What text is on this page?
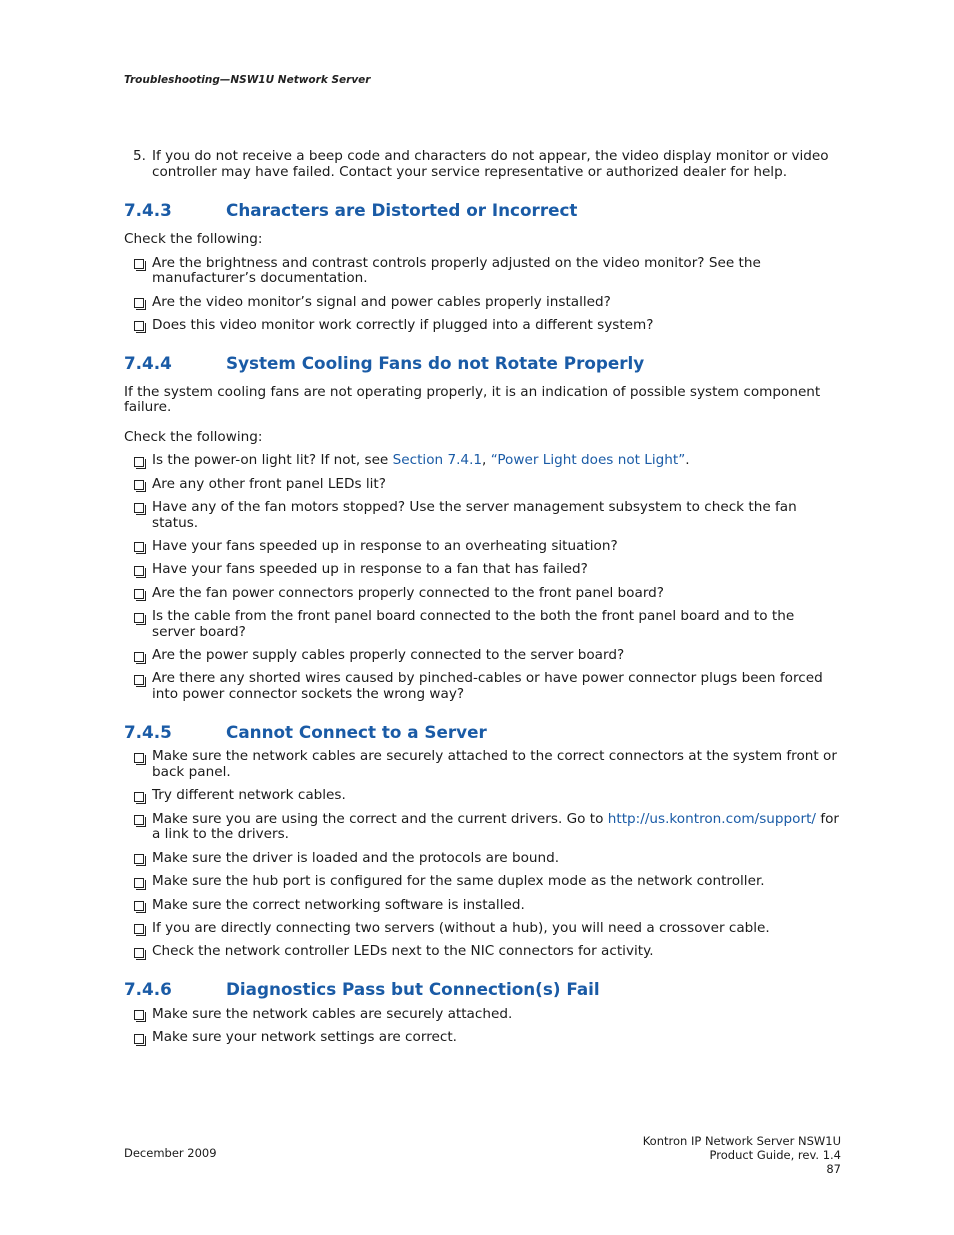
Troubleshooting—NSW1U Network Server
5. If you do not receive a beep code and characters do not appear, the video display monitor or video controller may have failed. Contact your service representative or authorized dealer for help.
7.4.3	Characters are Distorted or Incorrect

Check the following:

Are the brightness and contrast controls properly adjusted on the video monitor? See the manufacturer’s documentation.
Are the video monitor’s signal and power cables properly installed?
Does this video monitor work correctly if plugged into a different system?
7.4.4	System Cooling Fans do not Rotate Properly

If the system cooling fans are not operating properly, it is an indication of possible system component failure.

Check the following:

Is the power-on light lit? If not, see Section 7.4.1, “Power Light does not Light”.
Are any other front panel LEDs lit?
Have any of the fan motors stopped? Use the server management subsystem to check the fan status.
Have your fans speeded up in response to an overheating situation?
Have your fans speeded up in response to a fan that has failed?
Are the fan power connectors properly connected to the front panel board?
Is the cable from the front panel board connected to the both the front panel board and to the server board?
Are the power supply cables properly connected to the server board?
Are there any shorted wires caused by pinched-cables or have power connector plugs been forced into power connector sockets the wrong way?
7.4.5	Cannot Connect to a Server
Make sure the network cables are securely attached to the correct connectors at the system front or back panel.
Try different network cables.
Make sure you are using the correct and the current drivers. Go to http://us.kontron.com/support/ for a link to the drivers.
Make sure the driver is loaded and the protocols are bound.
Make sure the hub port is configured for the same duplex mode as the network controller.
Make sure the correct networking software is installed.
If you are directly connecting two servers (without a hub), you will need a crossover cable.
Check the network controller LEDs next to the NIC connectors for activity.
7.4.6	Diagnostics Pass but Connection(s) Fail
Make sure the network cables are securely attached.
Make sure your network settings are correct.
December 2009
Kontron IP Network Server NSW1U
Product Guide, rev. 1.4
87
